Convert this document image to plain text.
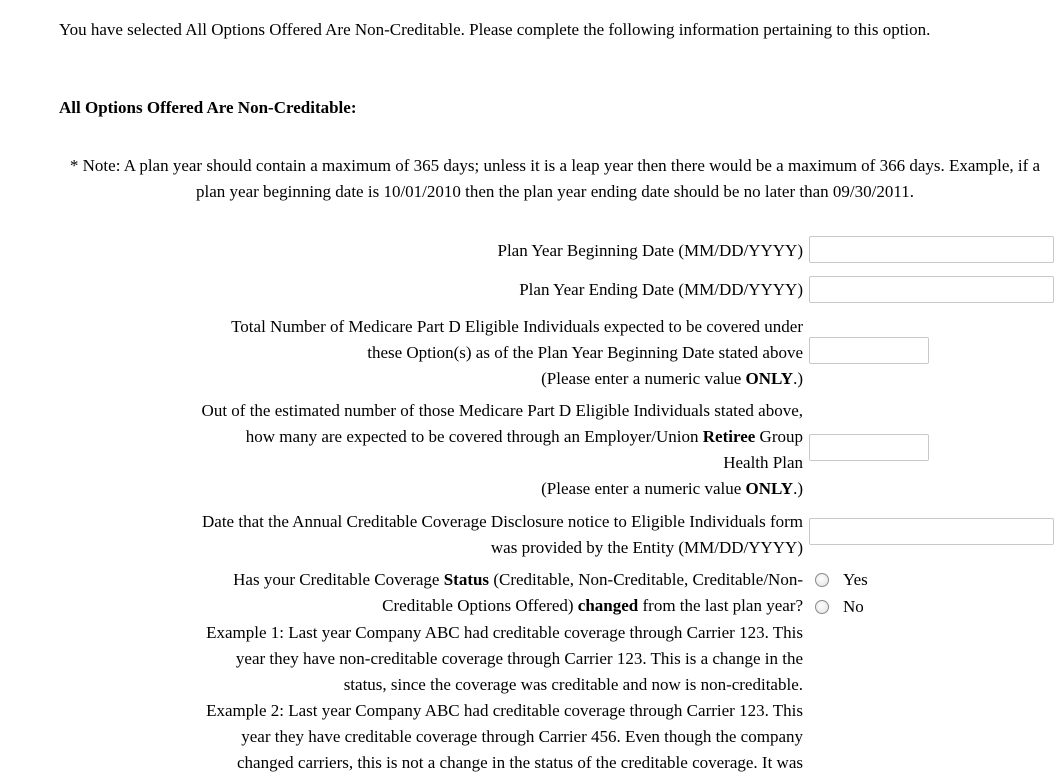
You have selected All Options Offered Are Non-Creditable. Please complete the following information pertaining to this option.

All Options Offered Are Non-Creditable:

* Note: A plan year should contain a maximum of 365 days; unless it is a leap year then there would be a maximum of 366 days. Example, if a plan year beginning date is 10/01/2010 then the plan year ending date should be no later than 09/30/2011.

Plan Year Beginning Date (MM/DD/YYYY)
Plan Year Ending Date (MM/DD/YYYY)
Total Number of Medicare Part D Eligible Individuals expected to be covered under
these Option(s) as of the Plan Year Beginning Date stated above
(Please enter a numeric value ONLY.)
Out of the estimated number of those Medicare Part D Eligible Individuals stated above,
how many are expected to be covered through an Employer/Union Retiree Group
Health Plan
(Please enter a numeric value ONLY.)
Date that the Annual Creditable Coverage Disclosure notice to Eligible Individuals form
was provided by the Entity (MM/DD/YYYY)
Has your Creditable Coverage Status (Creditable, Non-Creditable, Creditable/Non-
Creditable Options Offered) changed from the last plan year?
Yes
No
Example 1: Last year Company ABC had creditable coverage through Carrier 123. This
year they have non-creditable coverage through Carrier 123. This is a change in the
status, since the coverage was creditable and now is non-creditable.
Example 2: Last year Company ABC had creditable coverage through Carrier 123. This
year they have creditable coverage through Carrier 456. Even though the company
changed carriers, this is not a change in the status of the creditable coverage. It was
